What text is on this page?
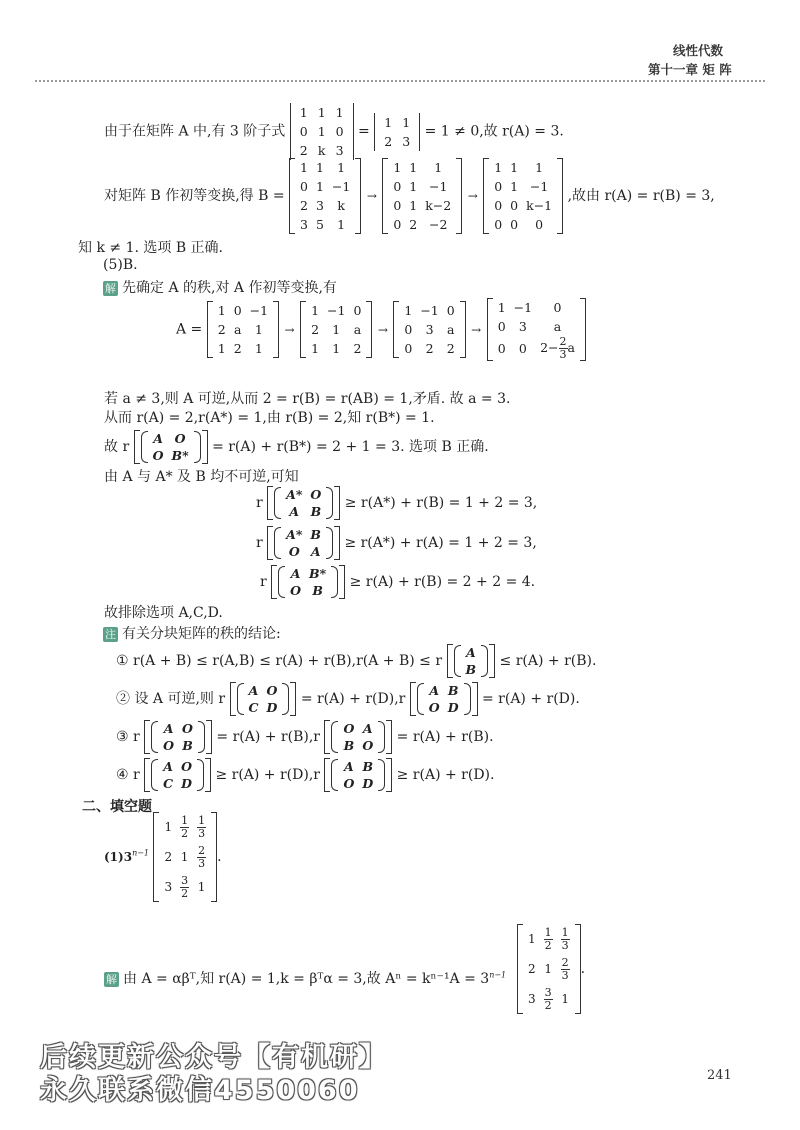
线性代数
第十一章 矩 阵
由于在矩阵 A 中,有 3 阶子式
1	1	1
0	1	0
2	k	3
=
1	1
2	3
= 1 ≠ 0,故 r(A) = 3.
对矩阵 B 作初等变换,得 B =
1	1	1
0	1	−1
2	3	k
3	5	1
→
1	1	1
0	1	−1
0	1	k−2
0	2	−2
→
1	1	1
0	1	−1
0	0	k−1
0	0	0
,故由 r(A) = r(B) = 3,
知 k ≠ 1. 选项 B 正确.
(5)B.
解 先确定 A 的秩,对 A 作初等变换,有
A =
1	0	−1
2	a	1
1	2	1
→
1	−1	0
2	1	a
1	1	2
→
1	−1	0
0	3	a
0	2	2
→
1	−1	0
0	3	a
0	0	$2- \frac{2}{3}$ a
若 a ≠ 3,则 A 可逆,从而 2 = r(B) = r(AB) = 1,矛盾. 故 a = 3.
从而 r(A) = 2,r(A*) = 1,由 r(B) = 2,知 r(B*) = 1.
故 r
A	O
O	B*
= r(A) + r(B*) = 2 + 1 = 3. 选项 B 正确.
由 A 与 A* 及 B 均不可逆,可知
r
A*	O
A	B
≥ r(A*) + r(B) = 1 + 2 = 3,
r
A*	B
O	A
≥ r(A*) + r(A) = 1 + 2 = 3,
r
A	B*
O	B
≥ r(A) + r(B) = 2 + 2 = 4.
故排除选项 A,C,D.
注 有关分块矩阵的秩的结论:
① r(A + B) ≤ r(A,B) ≤ r(A) + r(B),r(A + B) ≤ r
A
B
≤ r(A) + r(B).
② 设 A 可逆,则 r
A	O
C	D
= r(A) + r(D),r
A	B
O	D
= r(A) + r(D).
③ r
A	O
O	B
= r(A) + r(B),r
O	A
B	O
= r(A) + r(B).
④ r
A	O
C	D
≥ r(A) + r(D),r
A	B
O	D
≥ r(A) + r(D).
二、填空题
$(1)3^{n-1}$
1	$\frac{1}{2}$	$\frac{1}{3}$

2	1	$\frac{2}{3}$

3	$\frac{3}{2}$	1
.
解 由 A = αβᵀ,知 r(A) = 1,k = βᵀα = 3,故 $A^n = k^{n-1}A = 3^{n-1}$
1	$\frac{1}{2}$	$\frac{1}{3}$

2	1	$\frac{2}{3}$

3	$\frac{3}{2}$	1
.
后续更新公众号【有机研】
永久联系微信4550060	241
